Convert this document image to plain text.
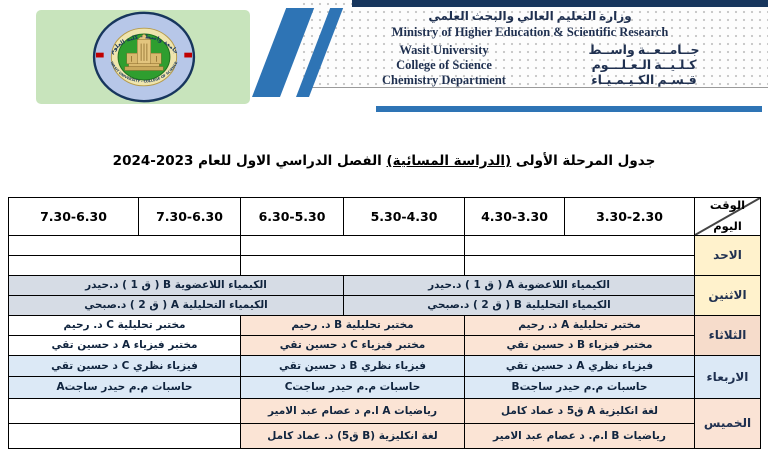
جامعة واسط - كلية العلوم
WASIT UNIVERSITY - COLLEGE OF SCIENCE
وزارة التعليم العالي والبحث العلمي
Ministry of Higher Education & Scientific Research
Wasit University	جــامــعــة واســط
College of Science	كـلـيــة الـعـلـــوم
Chemistry Department	قـسـم الكـيـمـيـاء
جدول المرحلة الأولى (الدراسة المسائية) الفصل الدراسي الاول للعام 2023-2024
الوقت
اليوم	3.30-2.30	4.30-3.30	5.30-4.30	6.30-5.30	7.30-6.30	7.30-6.30
الاحد						

الاثنين	الكيمياء اللاعضوية A ( ق 1 ) د.حيدر			الكيمياء اللاعضوية B ( ق 1 ) د.حيدر		
	الكيمياء التحليلية B ( ق 2 ) د.صبحي			الكيمياء التحليلية A ( ق 2 ) د.صبحي		
الثلاثاء	مختبر تحليلية A د. رحيم		مختبر تحليلية B د. رحيم		مختبر تحليلية C د. رحيم	
	مختبر فيزياء B د حسين تقي		مختبر فيزياء C د حسين تقي		مختبر فيزياء A د حسين تقي	
الاربعاء	فيزياء نظري A د حسين تقي		فيزياء نظري B د حسين تقي		فيزياء نظري C د حسين تقي	
	حاسبات م.م حيدر ساجتB		حاسبات م.م حيدر ساجتC		حاسبات م.م حيدر ساجتA	
الخميس	لغة انكليزية A ق5 د عماد كامل		رياضيات A ا.م د عصام عبد الامير			
	رياضيات B ا.م. د عصام عبد الامير		لغة انكليزية (B ق5) د. عماد كامل			
